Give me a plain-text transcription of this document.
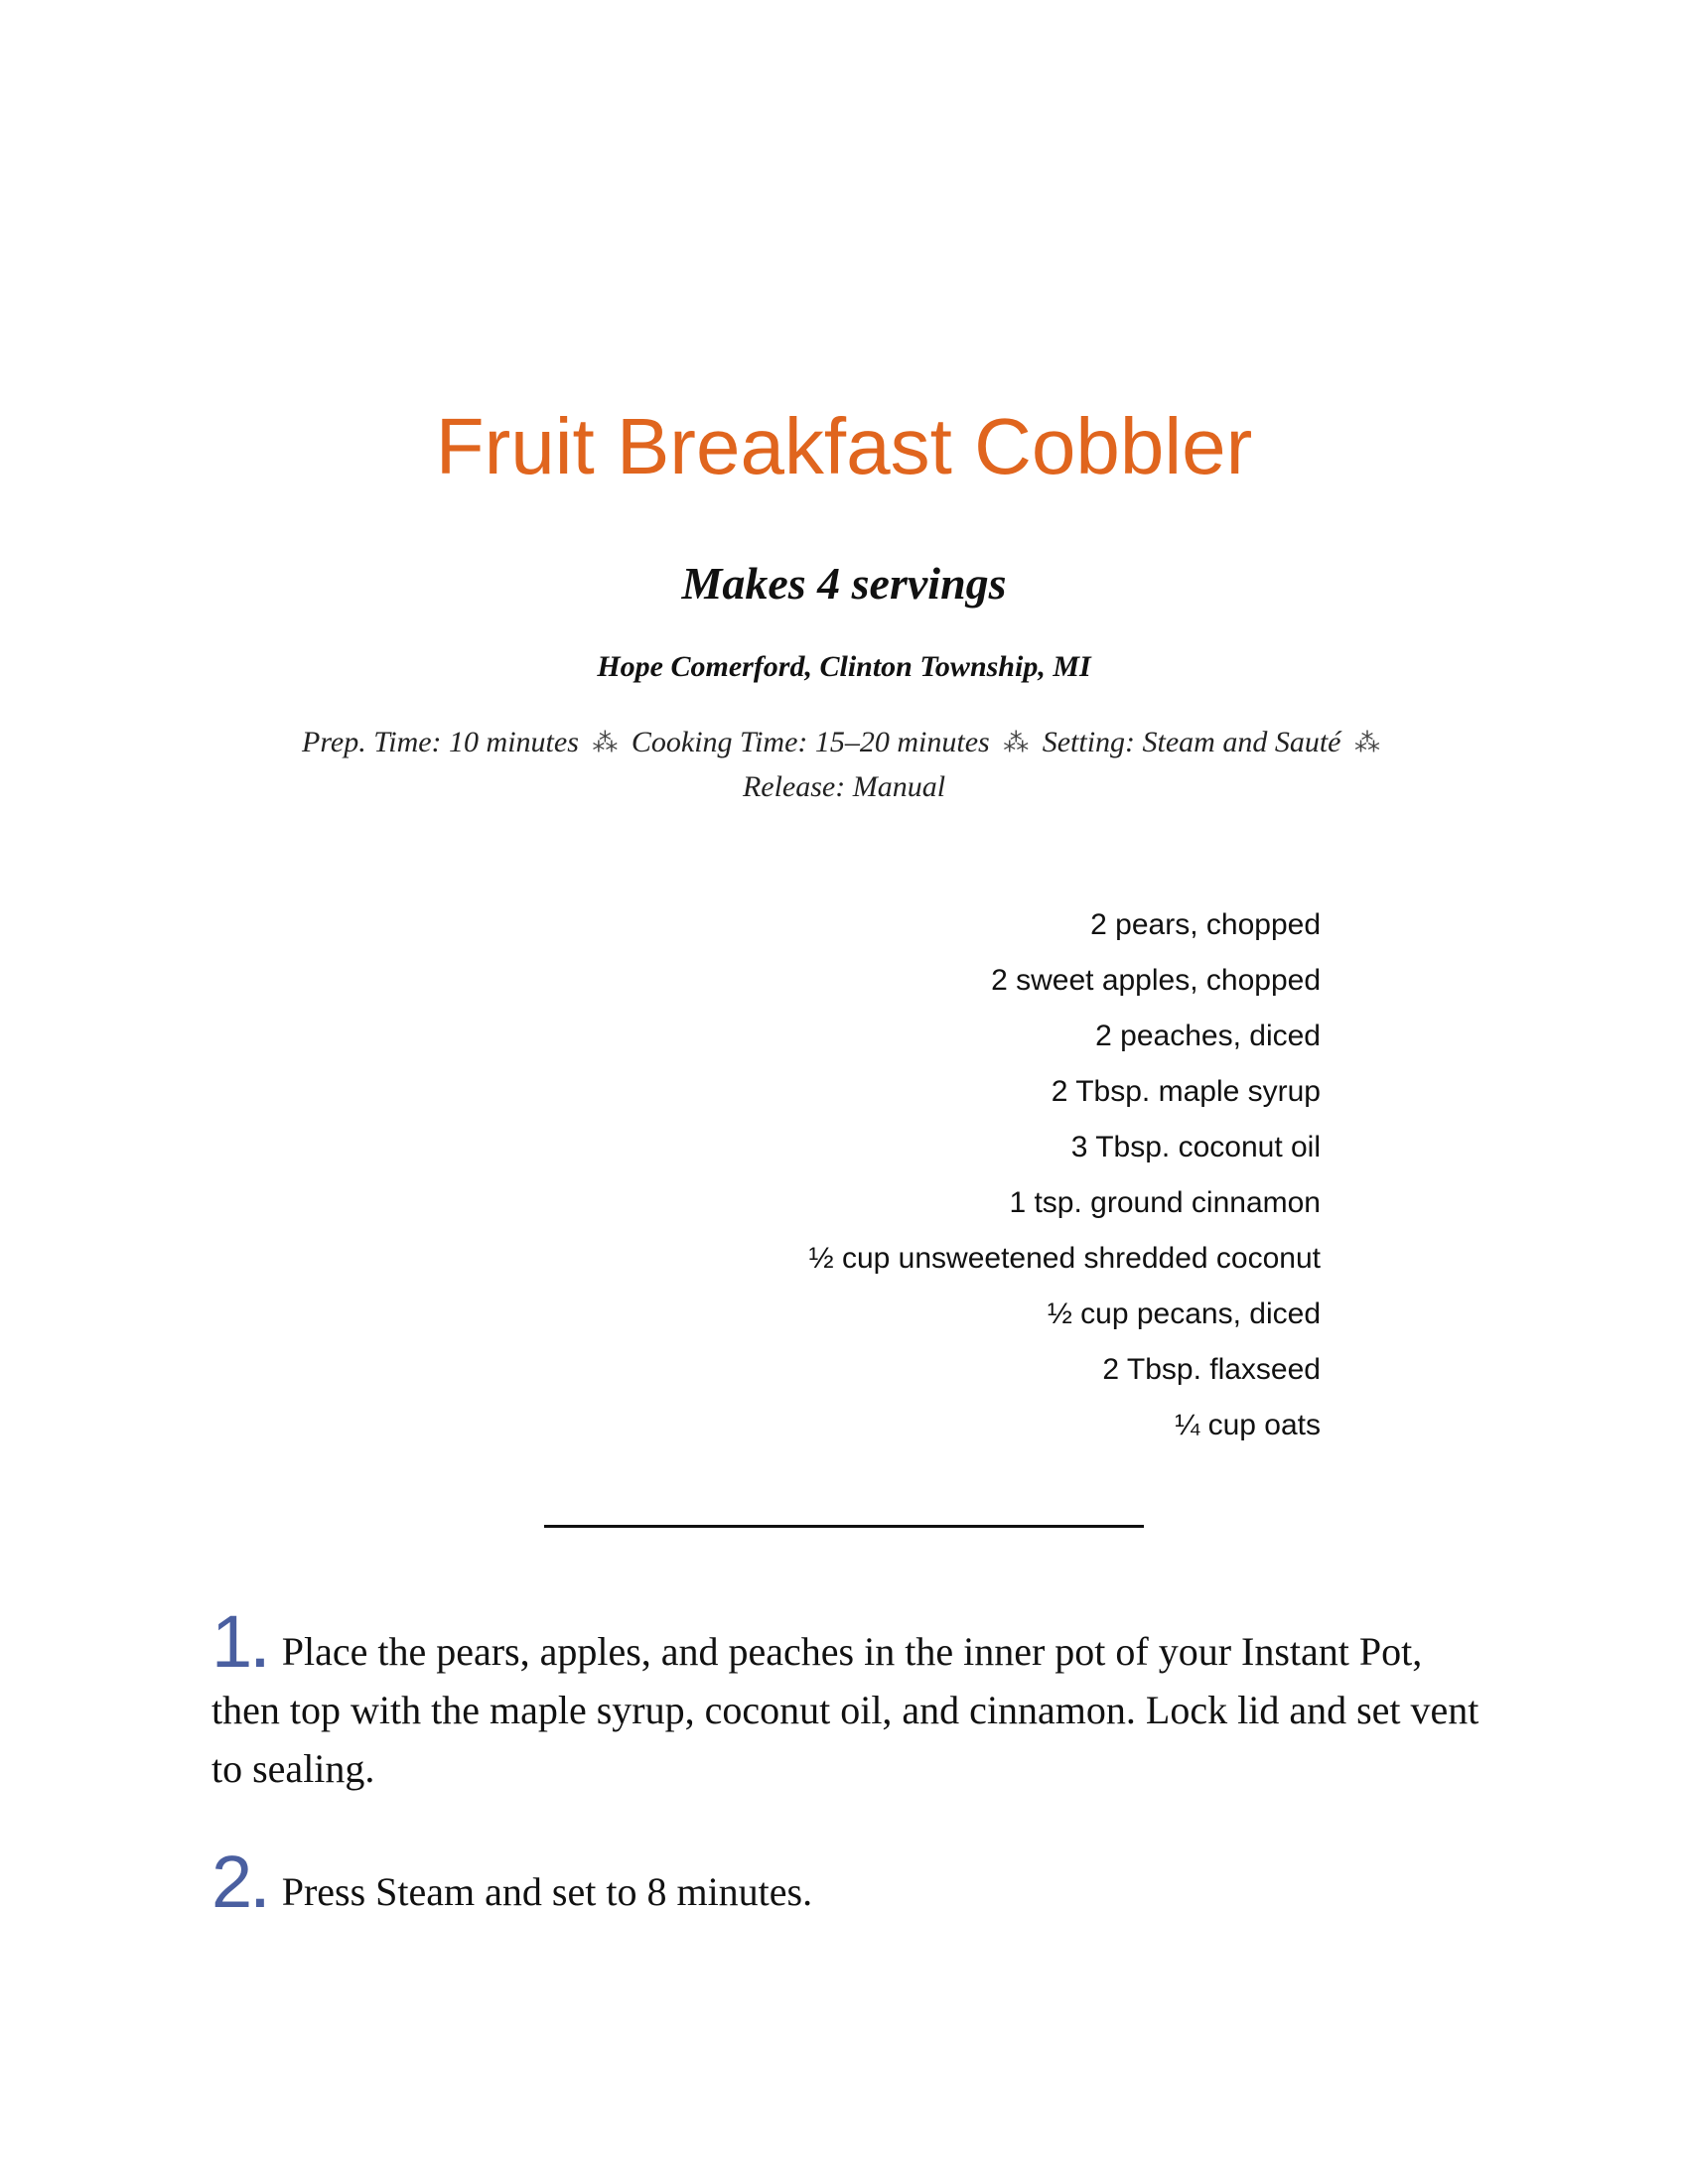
Fruit Breakfast Cobbler
Makes 4 servings
Hope Comerford, Clinton Township, MI
Prep. Time: 10 minutes ⁂ Cooking Time: 15–20 minutes ⁂ Setting: Steam and Sauté ⁂
Release: Manual
2 pears, chopped
2 sweet apples, chopped
2 peaches, diced
2 Tbsp. maple syrup
3 Tbsp. coconut oil
1 tsp. ground cinnamon
½ cup unsweetened shredded coconut
½ cup pecans, diced
2 Tbsp. flaxseed
¼ cup oats
1. Place the pears, apples, and peaches in the inner pot of your Instant Pot, then top with the maple syrup, coconut oil, and cinnamon. Lock lid and set vent to sealing.
2. Press Steam and set to 8 minutes.
